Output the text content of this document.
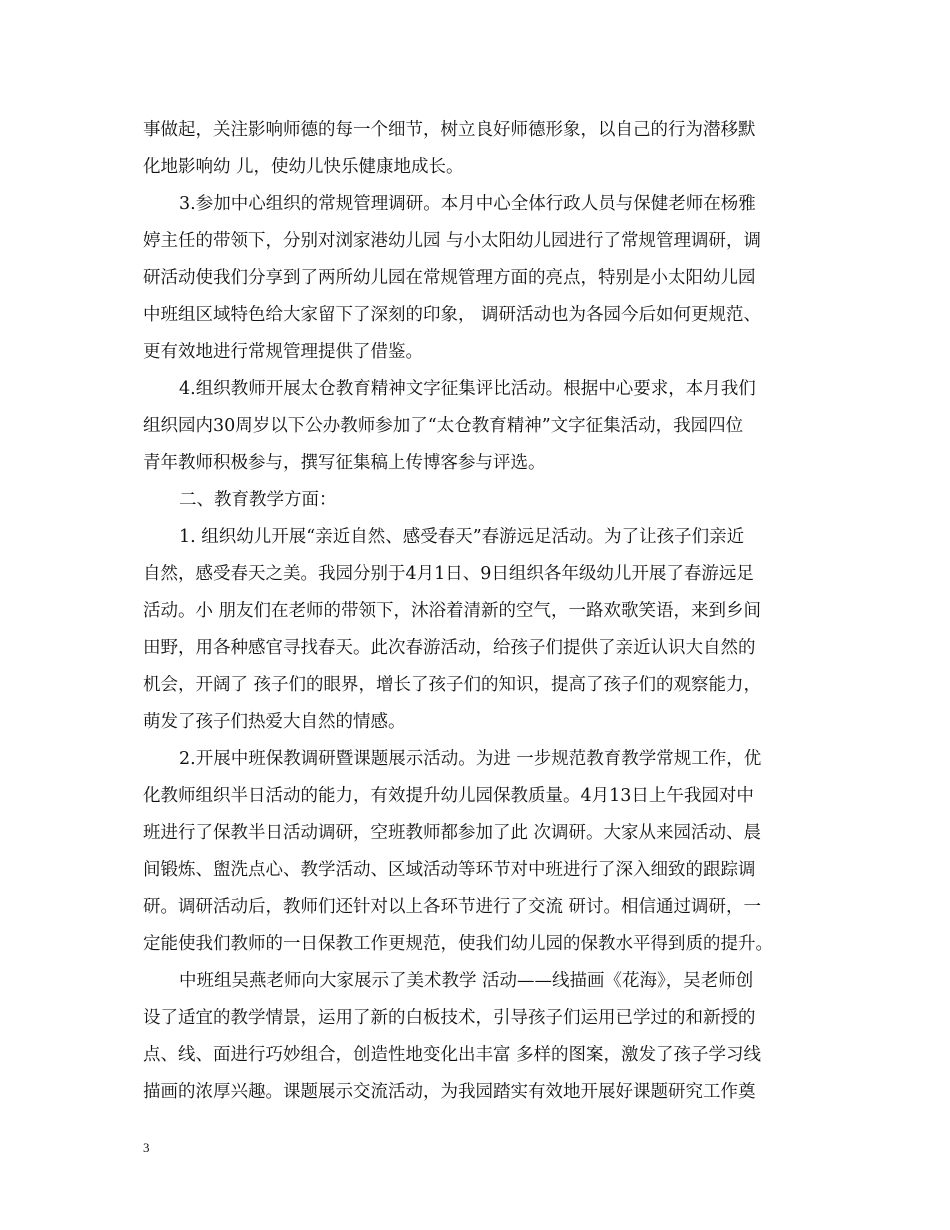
事做起，关注影响师德的每一个细节，树立良好师德形象，以自己的行为潜移默
化地影响幼 儿，使幼儿快乐健康地成长。
3.参加中心组织的常规管理调研。本月中心全体行政人员与保健老师在杨雅
婷主任的带领下，分别对浏家港幼儿园 与小太阳幼儿园进行了常规管理调研，调
研活动使我们分享到了两所幼儿园在常规管理方面的亮点，特别是小太阳幼儿园
中班组区域特色给大家留下了深刻的印象， 调研活动也为各园今后如何更规范、
更有效地进行常规管理提供了借鉴。
4.组织教师开展太仓教育精神文字征集评比活动。根据中心要求，本月我们
组织园内30周岁以下公办教师参加了“太仓教育精神”文字征集活动，我园四位
青年教师积极参与，撰写征集稿上传博客参与评选。
二、教育教学方面：
1. 组织幼儿开展“亲近自然、感受春天”春游远足活动。为了让孩子们亲近
自然，感受春天之美。我园分别于4月1日、9日组织各年级幼儿开展了春游远足
活动。小 朋友们在老师的带领下，沐浴着清新的空气，一路欢歌笑语，来到乡间
田野，用各种感官寻找春天。此次春游活动，给孩子们提供了亲近认识大自然的
机会，开阔了 孩子们的眼界，增长了孩子们的知识，提高了孩子们的观察能力，
萌发了孩子们热爱大自然的情感。
2.开展中班保教调研暨课题展示活动。为进 一步规范教育教学常规工作，优
化教师组织半日活动的能力，有效提升幼儿园保教质量。4月13日上午我园对中
班进行了保教半日活动调研，空班教师都参加了此 次调研。大家从来园活动、晨
间锻炼、盥洗点心、教学活动、区域活动等环节对中班进行了深入细致的跟踪调
研。调研活动后，教师们还针对以上各环节进行了交流 研讨。相信通过调研，一
定能使我们教师的一日保教工作更规范，使我们幼儿园的保教水平得到质的提升。
中班组吴燕老师向大家展示了美术教学 活动——线描画《花海》，吴老师创
设了适宜的教学情景，运用了新的白板技术，引导孩子们运用已学过的和新授的
点、线、面进行巧妙组合，创造性地变化出丰富 多样的图案，激发了孩子学习线
描画的浓厚兴趣。课题展示交流活动，为我园踏实有效地开展好课题研究工作奠
3
